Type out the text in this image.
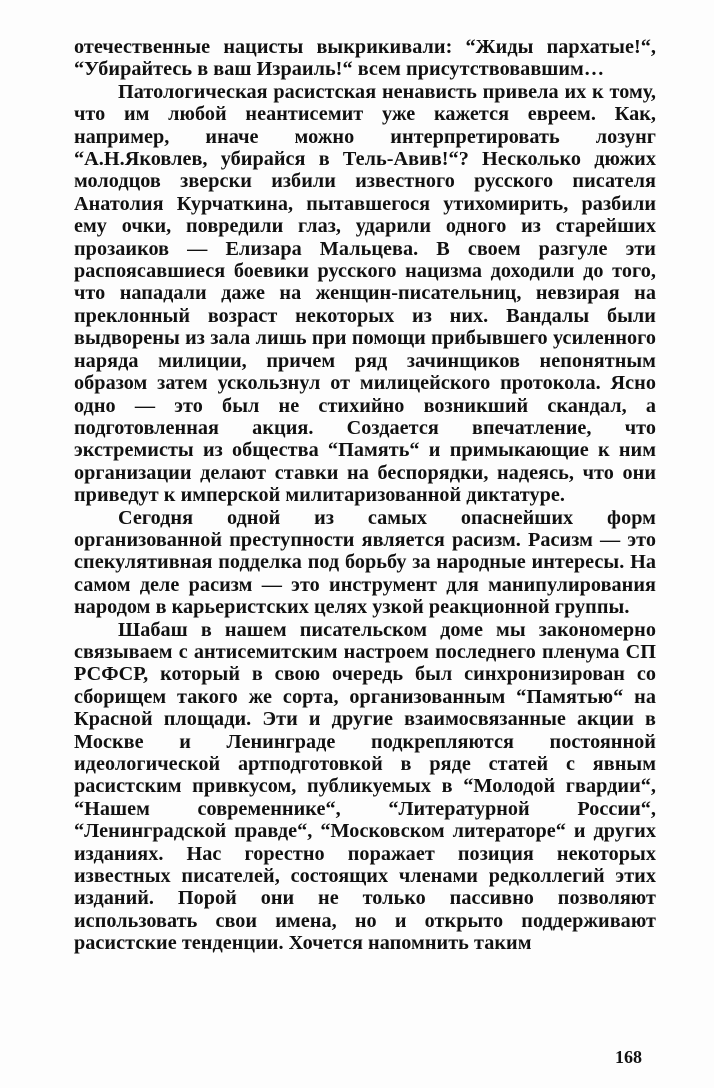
отечественные нацисты выкрикивали: “Жиды пархатые!“, “Убирайтесь в ваш Израиль!“ всем присутствовавшим…

Патологическая расистская ненависть привела их к тому, что им любой неантисемит уже кажется евреем. Как, например, иначе можно интерпретировать лозунг “А.Н.Яковлев, убирайся в Тель-Авив!“? Несколько дюжих молодцов зверски избили известного русского писателя Анатолия Курчаткина, пытавшегося утихомирить, разбили ему очки, повредили глаз, ударили одного из старейших прозаиков — Елизара Мальцева. В своем разгуле эти распоясавшиеся боевики русского нацизма доходили до того, что нападали даже на женщин-писательниц, невзирая на преклонный возраст некоторых из них. Вандалы были выдворены из зала лишь при помощи прибывшего усиленного наряда милиции, причем ряд зачинщиков непонятным образом затем ускользнул от милицейского протокола. Ясно одно — это был не стихийно возникший скандал, а подготовленная акция. Создается впечатление, что экстремисты из общества “Память“ и примыкающие к ним организации делают ставки на беспорядки, надеясь, что они приведут к имперской милитаризованной диктатуре.

Сегодня одной из самых опаснейших форм организованной преступности является расизм. Расизм — это спекулятивная подделка под борьбу за народные интересы. На самом деле расизм — это инструмент для манипулирования народом в карьеристских целях узкой реакционной группы.

Шабаш в нашем писательском доме мы закономерно связываем с антисемитским настроем последнего пленума СП РСФСР, который в свою очередь был синхронизирован со сборищем такого же сорта, организованным “Памятью“ на Красной площади. Эти и другие взаимосвязанные акции в Москве и Ленинграде подкрепляются постоянной идеологической артподготовкой в ряде статей с явным расистским привкусом, публикуемых в “Молодой гвардии“, “Нашем современнике“, “Литературной России“, “Ленинградской правде“, “Московском литераторе“ и других изданиях. Нас горестно поражает позиция некоторых известных писателей, состоящих членами редколлегий этих изданий. Порой они не только пассивно позволяют использовать свои имена, но и открыто поддерживают расистские тенденции. Хочется напомнить таким

168
